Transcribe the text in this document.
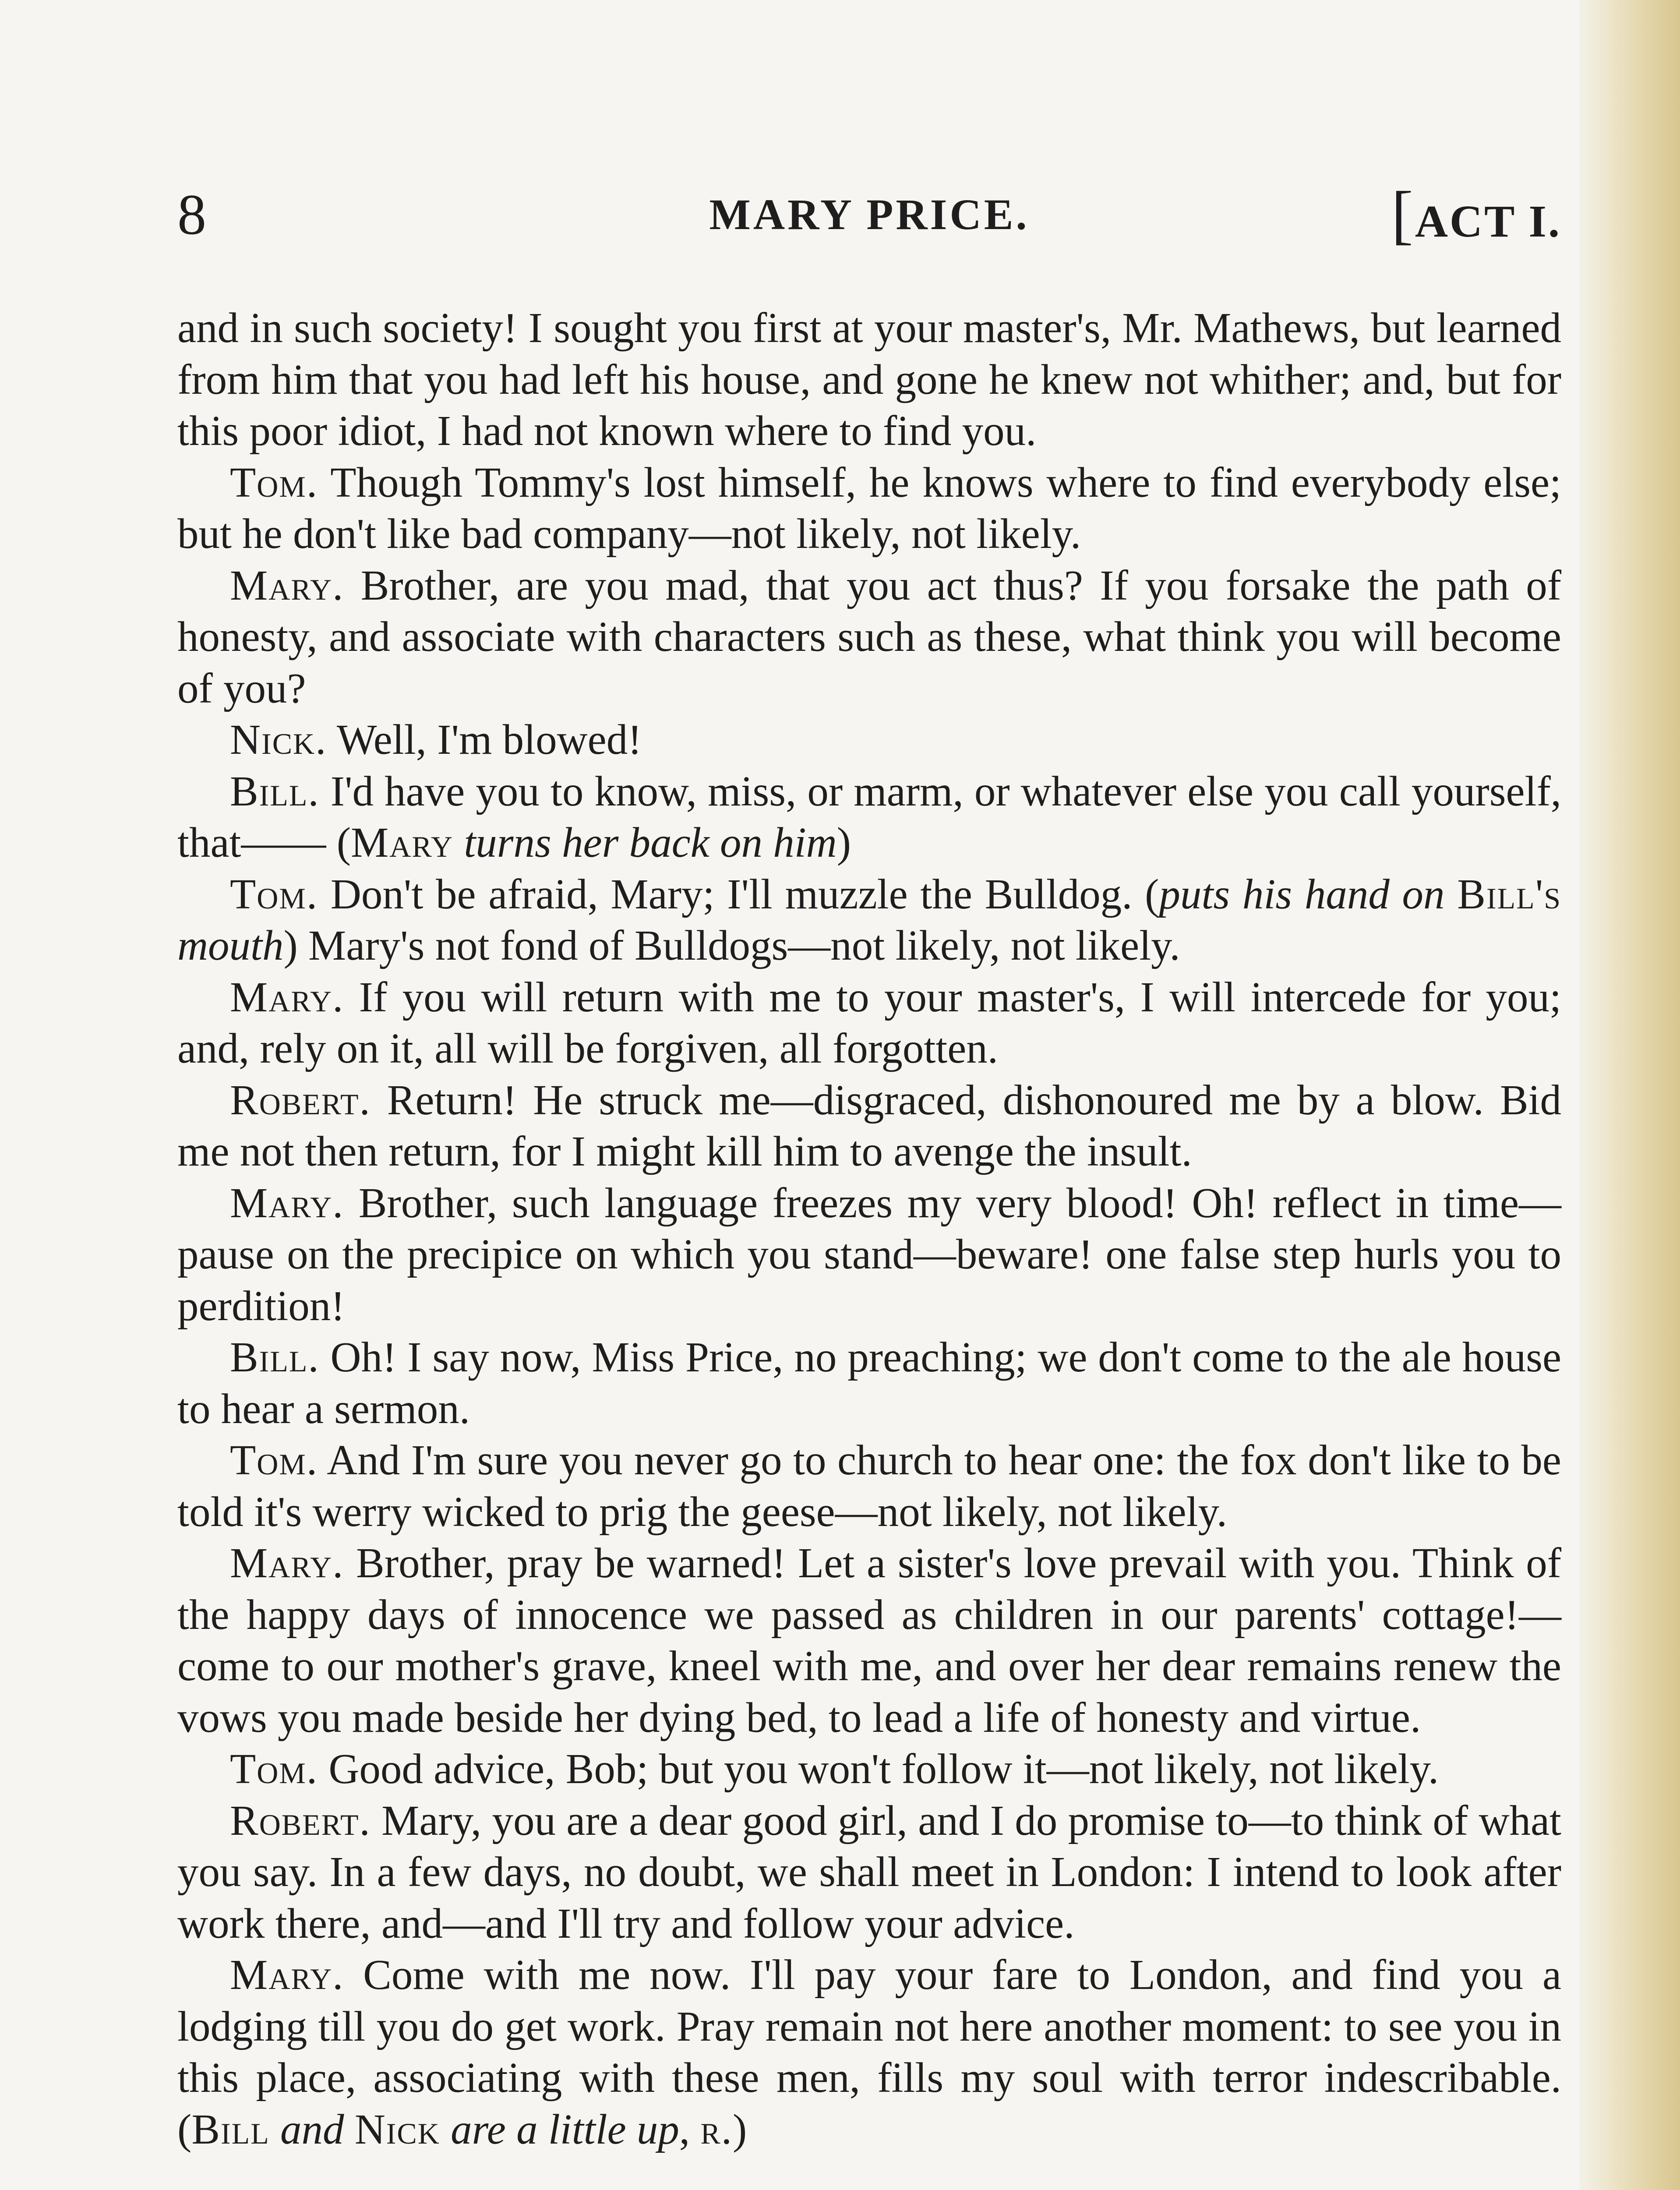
8	MARY PRICE.	[ACT I.

and in such society! I sought you first at your master's, Mr. Mathews, but learned from him that you had left his house, and gone he knew not whither; and, but for this poor idiot, I had not known where to find you.

Tom. Though Tommy's lost himself, he knows where to find everybody else; but he don't like bad company—not likely, not likely.

Mary. Brother, are you mad, that you act thus? If you forsake the path of honesty, and associate with characters such as these, what think you will become of you?

Nick. Well, I'm blowed!

Bill. I'd have you to know, miss, or marm, or whatever else you call yourself, that—— (Mary turns her back on him)

Tom. Don't be afraid, Mary; I'll muzzle the Bulldog. (puts his hand on Bill's mouth) Mary's not fond of Bulldogs—not likely, not likely.

Mary. If you will return with me to your master's, I will intercede for you; and, rely on it, all will be forgiven, all forgotten.

Robert. Return! He struck me—disgraced, dishonoured me by a blow. Bid me not then return, for I might kill him to avenge the insult.

Mary. Brother, such language freezes my very blood! Oh! reflect in time—pause on the precipice on which you stand—beware! one false step hurls you to perdition!

Bill. Oh! I say now, Miss Price, no preaching; we don't come to the ale house to hear a sermon.

Tom. And I'm sure you never go to church to hear one: the fox don't like to be told it's werry wicked to prig the geese—not likely, not likely.

Mary. Brother, pray be warned! Let a sister's love prevail with you. Think of the happy days of innocence we passed as children in our parents' cottage!—come to our mother's grave, kneel with me, and over her dear remains renew the vows you made beside her dying bed, to lead a life of honesty and virtue.

Tom. Good advice, Bob; but you won't follow it—not likely, not likely.

Robert. Mary, you are a dear good girl, and I do promise to—to think of what you say. In a few days, no doubt, we shall meet in London: I intend to look after work there, and—and I'll try and follow your advice.

Mary. Come with me now. I'll pay your fare to London, and find you a lodging till you do get work. Pray remain not here another moment: to see you in this place, associating with these men, fills my soul with terror indescribable. (Bill and Nick are a little up, r.)
